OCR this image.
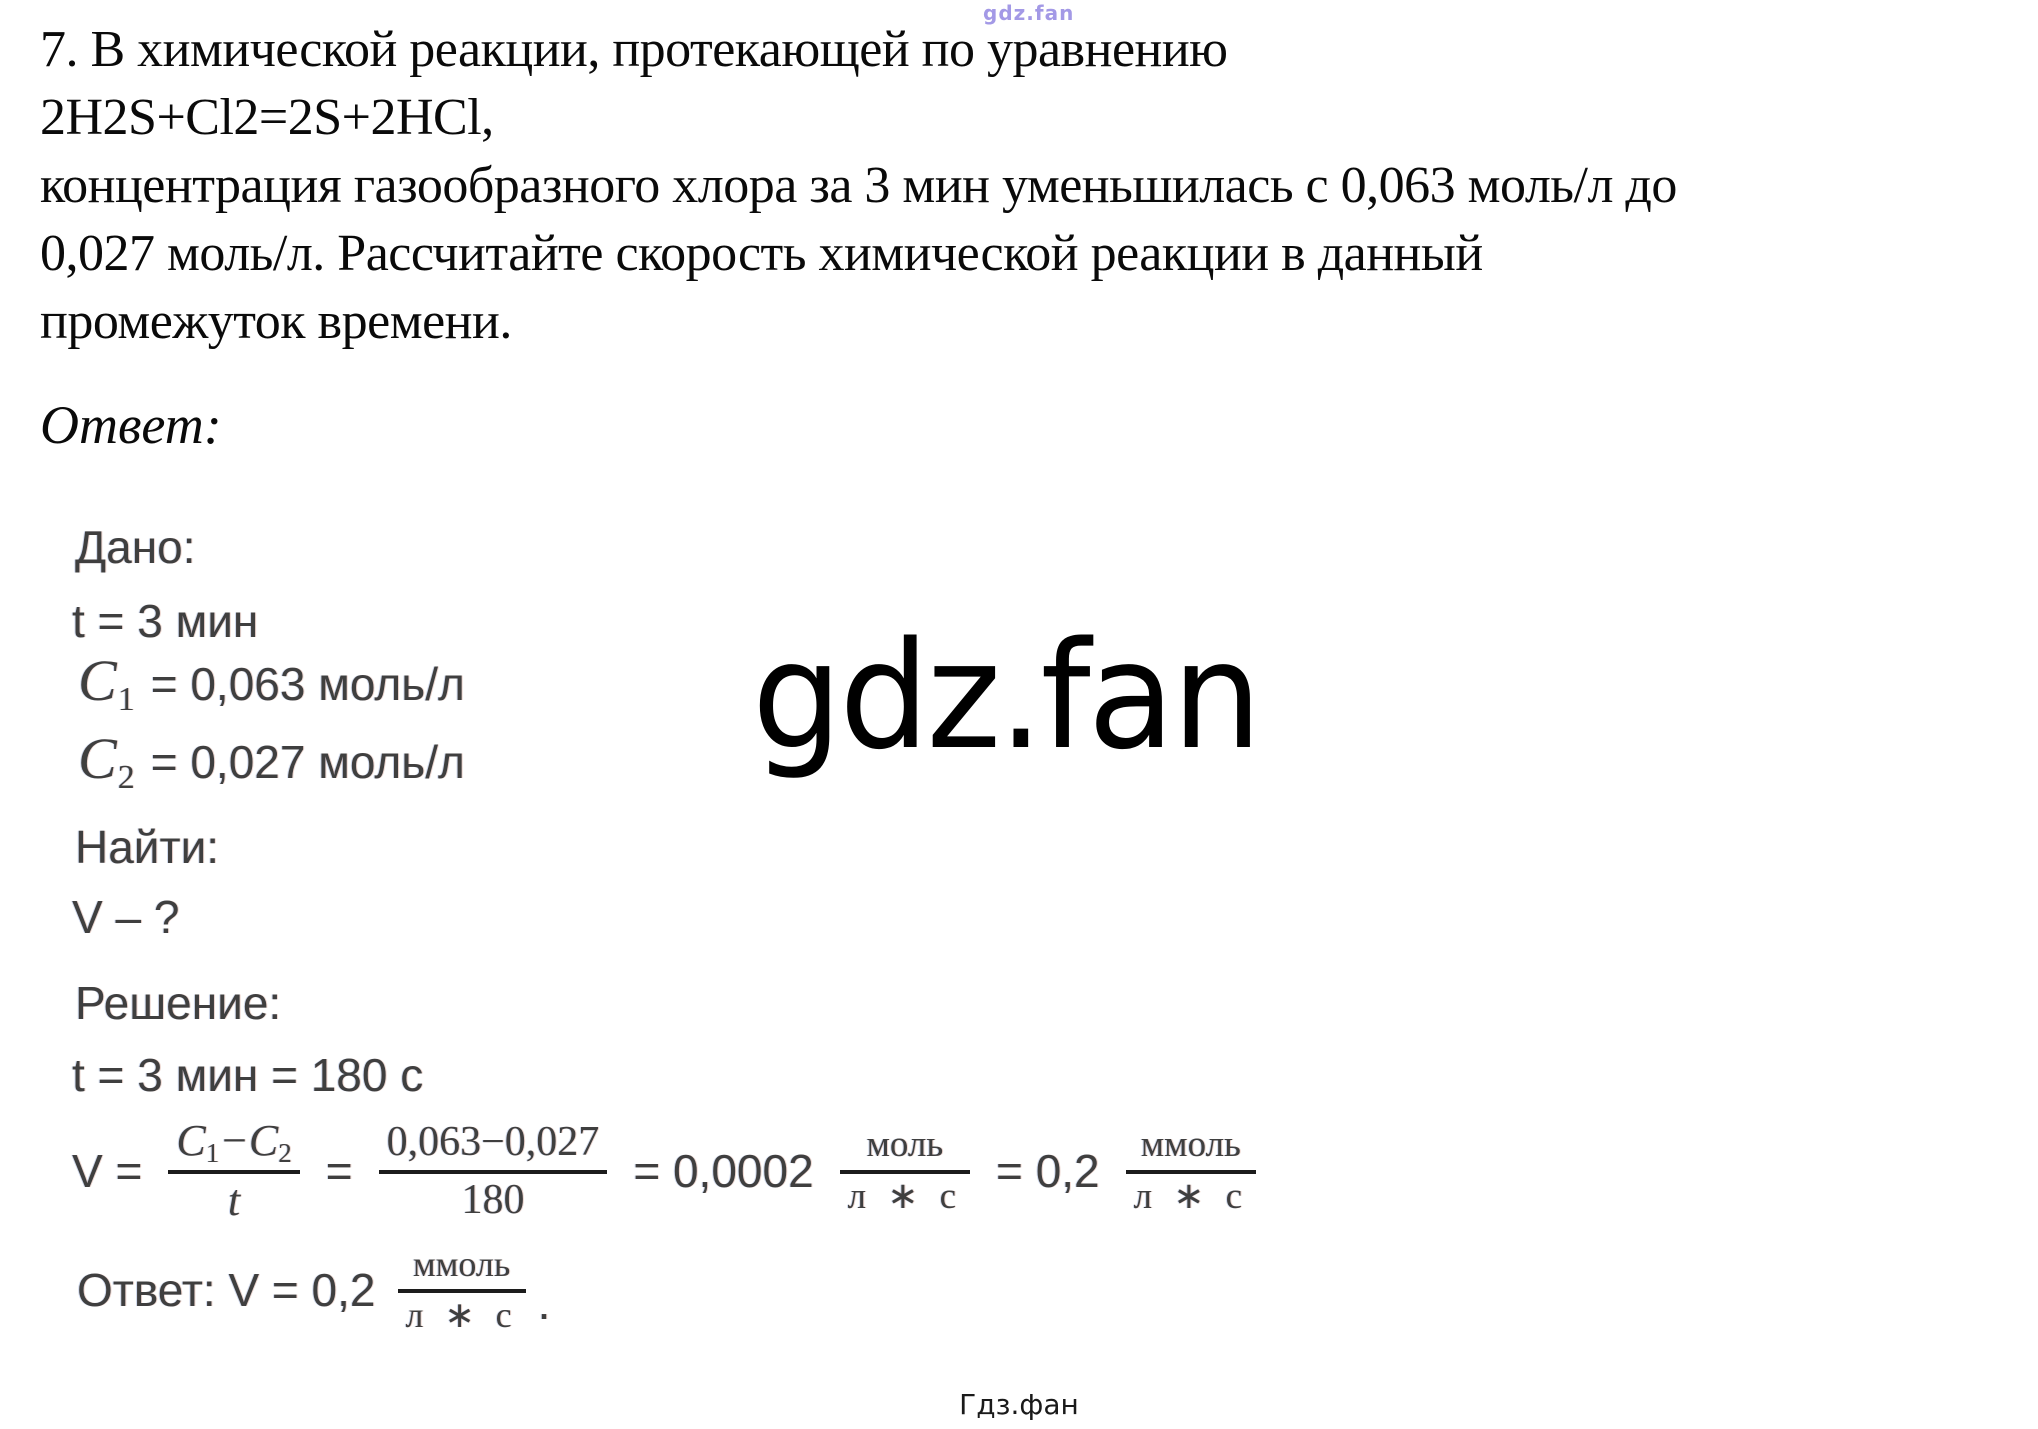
gdz.fan
7. В химической реакции, протекающей по уравнению
2H2S+Cl2=2S+2HCl,
концентрация газообразного хлора за 3 мин уменьшилась с 0,063 моль/л до
0,027 моль/л. Рассчитайте скорость химической реакции в данный
промежуток времени.
Ответ:
Дано:
t = 3 мин
C 1 = 0,063 моль/л
C 2 = 0,027 моль/л
Найти:
V – ?
Решение:
t = 3 мин = 180 с
$V = \frac{C1-C2}{t} = \frac{0,063-0,027}{180} = 0,0002 \frac{\text{моль}}{л ∗ с} = 0,2 \frac{\text{ммоль}}{л ∗ с}$
Ответ: $V = 0,2 \frac{\text{ммоль}}{л ∗ с}$ .
gdz.fan
Гдз.фан
